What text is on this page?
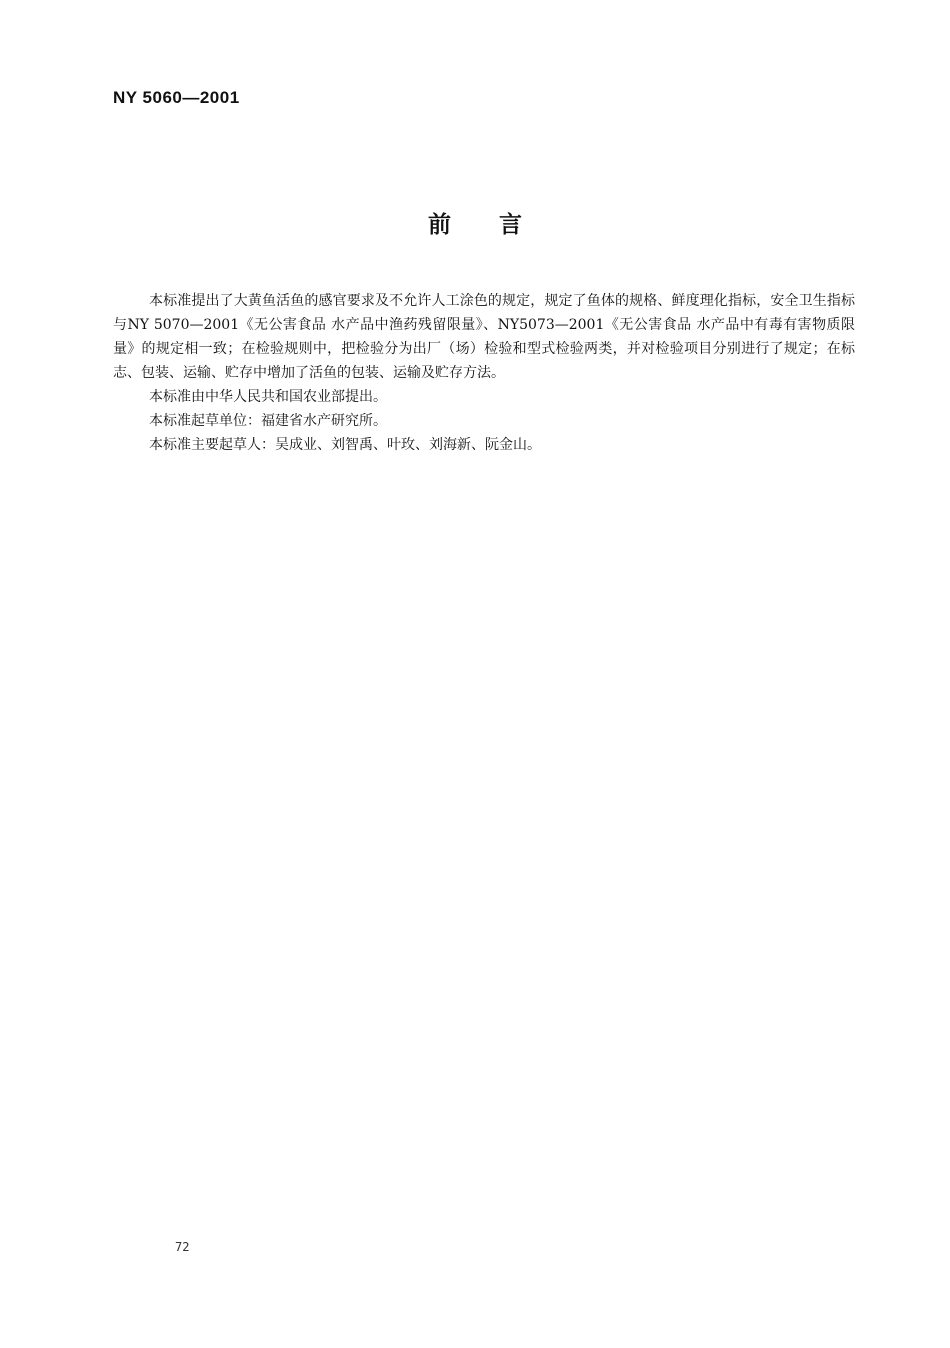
NY 5060—2001
前言

本标准提出了大黄鱼活鱼的感官要求及不允许人工涂色的规定，规定了鱼体的规格、鲜度理化指标，安全卫生指标与NY 5070—2001《无公害食品 水产品中渔药残留限量》、NY5073—2001《无公害食品 水产品中有毒有害物质限量》的规定相一致；在检验规则中，把检验分为出厂（场）检验和型式检验两类，并对检验项目分别进行了规定；在标志、包装、运输、贮存中增加了活鱼的包装、运输及贮存方法。

本标准由中华人民共和国农业部提出。

本标准起草单位：福建省水产研究所。

本标准主要起草人：吴成业、刘智禹、叶玫、刘海新、阮金山。

72
